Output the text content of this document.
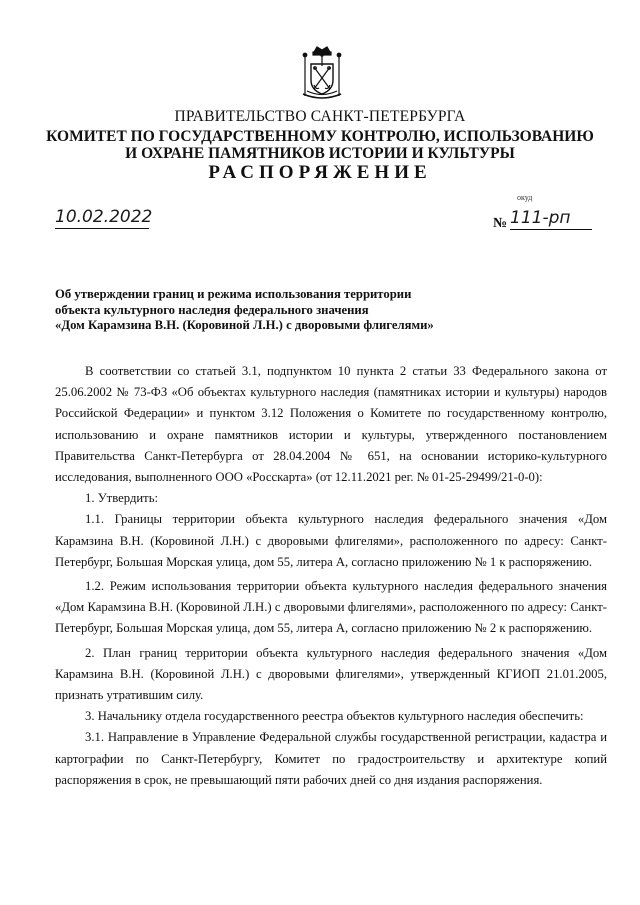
ПРАВИТЕЛЬСТВО САНКТ-ПЕТЕРБУРГА
КОМИТЕТ ПО ГОСУДАРСТВЕННОМУ КОНТРОЛЮ, ИСПОЛЬЗОВАНИЮ
И ОХРАНЕ ПАМЯТНИКОВ ИСТОРИИ И КУЛЬТУРЫ
РАСПОРЯЖЕНИЕ
окуд
10.02.2022	№ 111-рп
Об утверждении границ и режима использования территории
объекта культурного наследия федерального значения
«Дом Карамзина В.Н. (Коровиной Л.Н.) с дворовыми флигелями»

В соответствии со статьей 3.1, подпунктом 10 пункта 2 статьи 33 Федерального закона от 25.06.2002 № 73-ФЗ «Об объектах культурного наследия (памятниках истории и культуры) народов Российской Федерации» и пунктом 3.12 Положения о Комитете по государственному контролю, использованию и охране памятников истории и культуры, утвержденного постановлением Правительства Санкт-Петербурга от 28.04.2004 № 651, на основании историко-культурного исследования, выполненного ООО «Росскарта» (от 12.11.2021 рег. № 01-25-29499/21-0-0):

1. Утвердить:

1.1. Границы территории объекта культурного наследия федерального значения «Дом Карамзина В.Н. (Коровиной Л.Н.) с дворовыми флигелями», расположенного по адресу: Санкт-Петербург, Большая Морская улица, дом 55, литера А, согласно приложению № 1 к распоряжению.

1.2. Режим использования территории объекта культурного наследия федерального значения «Дом Карамзина В.Н. (Коровиной Л.Н.) с дворовыми флигелями», расположенного по адресу: Санкт-Петербург, Большая Морская улица, дом 55, литера А, согласно приложению № 2 к распоряжению.

2. План границ территории объекта культурного наследия федерального значения «Дом Карамзина В.Н. (Коровиной Л.Н.) с дворовыми флигелями», утвержденный КГИОП 21.01.2005, признать утратившим силу.

3. Начальнику отдела государственного реестра объектов культурного наследия обеспечить:

3.1. Направление в Управление Федеральной службы государственной регистрации, кадастра и картографии по Санкт-Петербургу, Комитет по градостроительству и архитектуре копий распоряжения в срок, не превышающий пяти рабочих дней со дня издания распоряжения.
